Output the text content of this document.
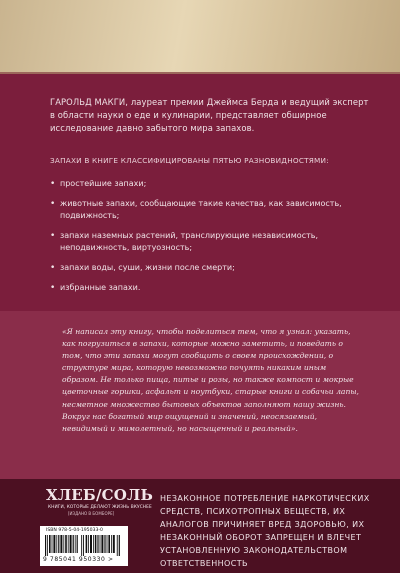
ГАРОЛЬД МАКГИ, лауреат премии Джеймса Берда и ведущий эксперт в области науки о еде и кулинарии, представляет обширное исследование давно забытого мира запахов.

ЗАПАХИ В КНИГЕ КЛАССИФИЦИРОВАНЫ ПЯТЬЮ РАЗНОВИДНОСТЯМИ:
• простейшие запахи;
• животные запахи, сообщающие такие качества, как зависимость, подвижность;
• запахи наземных растений, транслирующие независимость, неподвижность, виртуозность;
• запахи воды, суши, жизни после смерти;
• избранные запахи.

«Я написал эту книгу, чтобы поделиться тем, что я узнал: указать, как погрузиться в запахи, которые можно заметить, и поведать о том, что эти запахи могут сообщить о своем происхождении, о структуре мира, которую невозможно почуять никаким иным образом. Не только пища, питье и розы, но также компост и мокрые цветочные горшки, асфальт и ноутбуки, старые книги и собачьи лапы, несметное множество бытовых объектов заполняют нашу жизнь. Вокруг нас богатый мир ощущений и значений, неосязаемый, невидимый и мимолетный, но насыщенный и реальный».

ХЛЕБ/СОЛЬ
КНИГИ, КОТОРЫЕ ДЕЛАЮТ ЖИЗНЬ ВКУСНЕЕ
[ИЗДАНО В БОМБОРЕ]
ISBN 978-5-04-195033-0
9 785041 950330 >

НЕЗАКОННОЕ ПОТРЕБЛЕНИЕ НАРКОТИЧЕСКИХ СРЕДСТВ, ПСИХОТРОПНЫХ ВЕЩЕСТВ, ИХ АНАЛОГОВ ПРИЧИНЯЕТ ВРЕД ЗДОРОВЬЮ, ИХ НЕЗАКОННЫЙ ОБОРОТ ЗАПРЕЩЕН И ВЛЕЧЕТ УСТАНОВЛЕННУЮ ЗАКОНОДАТЕЛЬСТВОМ ОТВЕТСТВЕННОСТЬ
